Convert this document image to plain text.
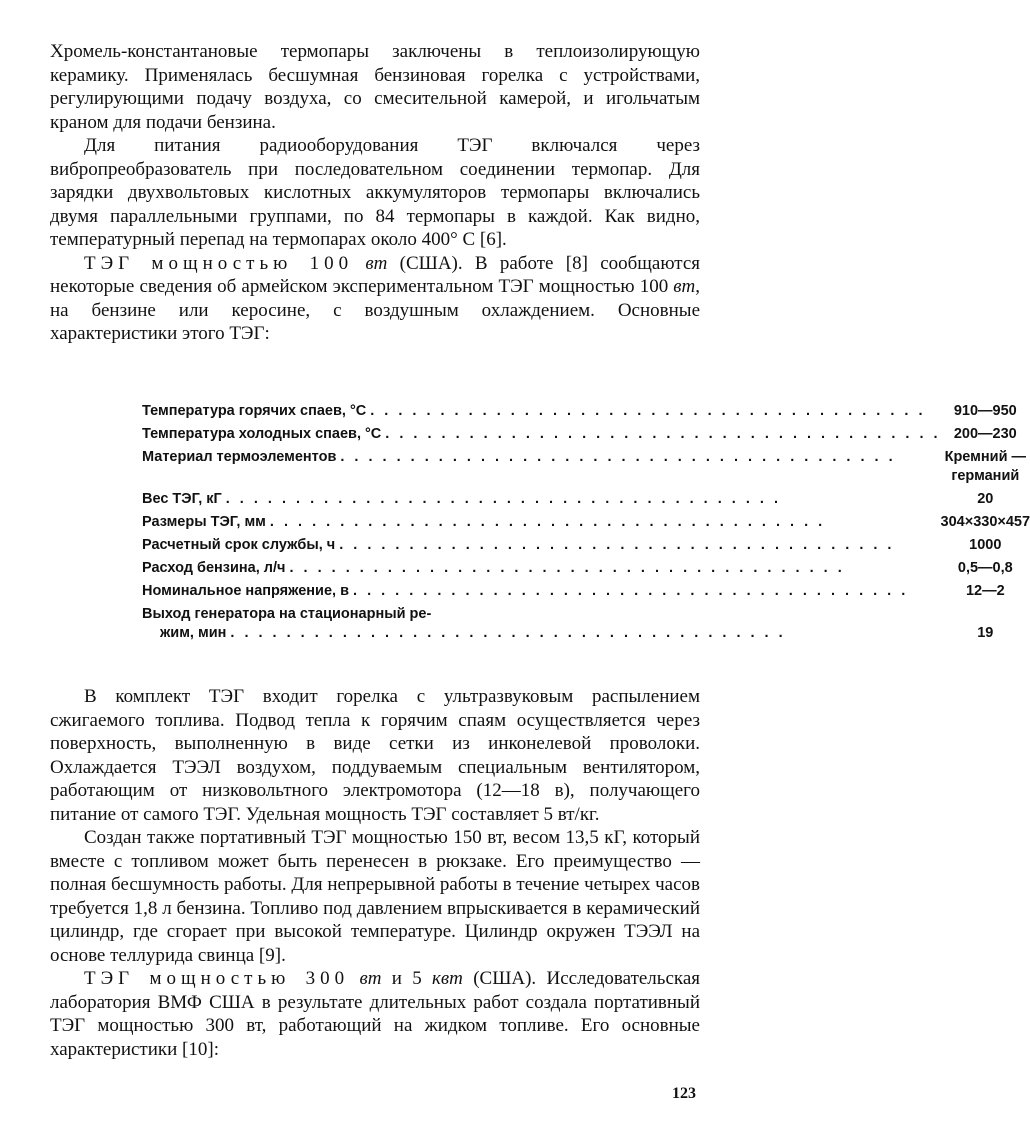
Хромель-константановые термопары заключены в теплоизолирующую керамику. Применялась бесшумная бензиновая горелка с устройствами, регулирующими подачу воздуха, со смесительной камерой, и игольчатым краном для подачи бензина.

Для питания радиооборудования ТЭГ включался через вибропреобразователь при последовательном соединении термопар. Для зарядки двухвольтовых кислотных аккумуляторов термопары включались двумя параллельными группами, по 84 термопары в каждой. Как видно, температурный перепад на термопарах около 400° С [6].

ТЭГ мощностью 100 вт (США). В работе [8] сообщаются некоторые сведения об армейском экспериментальном ТЭГ мощностью 100 вт, на бензине или керосине, с воздушным охлаждением. Основные характеристики этого ТЭГ:

Температура горячих спаев, °С
. . .	910—950

Температура холодных спаев, °С
. . .	200—230

Материал термоэлементов
. . .	Кремний —
германий

Вес ТЭГ, кГ
. . .	20

Размеры ТЭГ, мм
. . .	304×330×457

Расчетный срок службы, ч
. . .	1000

Расход бензина, л/ч
. . .	0,5—0,8

Номинальное напряжение, в
. . .	12—2

Выход генератора на стационарный ре-
жим, мин
. . .	19

В комплект ТЭГ входит горелка с ультразвуковым распылением сжигаемого топлива. Подвод тепла к горячим спаям осуществляется через поверхность, выполненную в виде сетки из инконелевой проволоки. Охлаждается ТЭЭЛ воздухом, поддуваемым специальным вентилятором, работающим от низковольтного электромотора (12—18 в), получающего питание от самого ТЭГ. Удельная мощность ТЭГ составляет 5 вт/кг.

Создан также портативный ТЭГ мощностью 150 вт, весом 13,5 кГ, который вместе с топливом может быть перенесен в рюкзаке. Его преимущество — полная бесшумность работы. Для непрерывной работы в течение четырех часов требуется 1,8 л бензина. Топливо под давлением впрыскивается в керамический цилиндр, где сгорает при высокой температуре. Цилиндр окружен ТЭЭЛ на основе теллурида свинца [9].

ТЭГ мощностью 300 вт и 5 квт (США). Исследовательская лаборатория ВМФ США в результате длительных работ создала портативный ТЭГ мощностью 300 вт, работающий на жидком топливе. Его основные характеристики [10]:

123
